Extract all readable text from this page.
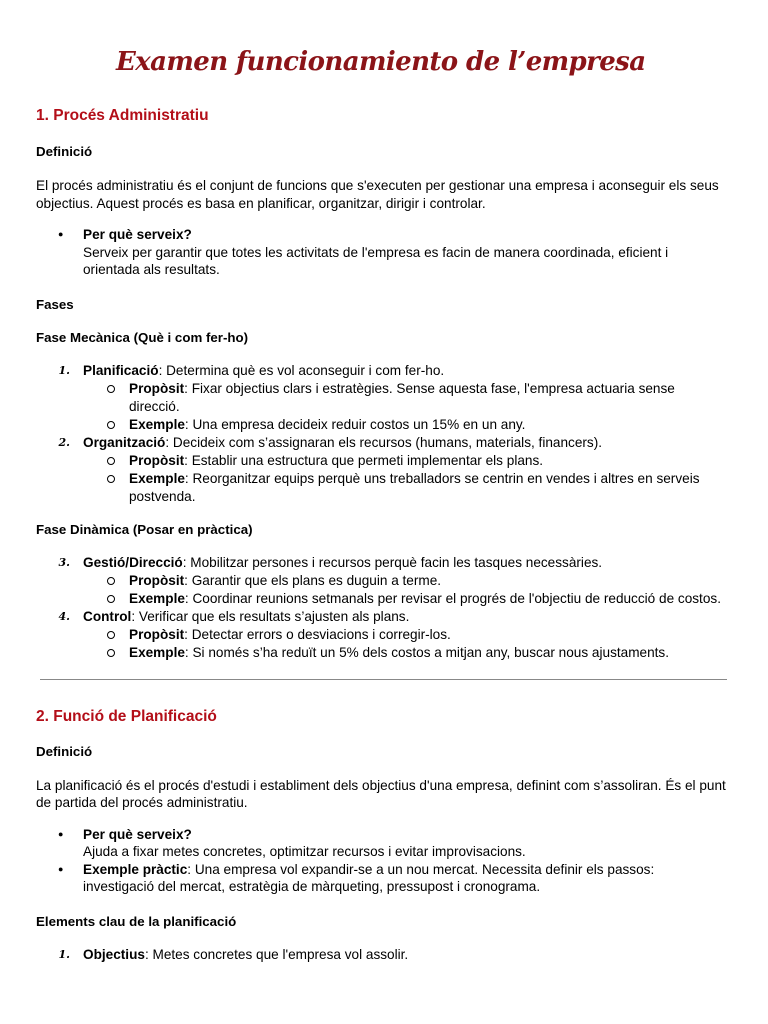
Examen funcionamiento de l’empresa
1. Procés Administratiu
Definició

El procés administratiu és el conjunt de funcions que s'executen per gestionar una empresa i aconseguir els seus objectius. Aquest procés es basa en planificar, organitzar, dirigir i controlar.

● Per què serveix?
Serveix per garantir que totes les activitats de l'empresa es facin de manera coordinada, eficient i orientada als resultats.
Fases
Fase Mecànica (Què i com fer-ho)
1. Planificació: Determina què es vol aconseguir i com fer-ho.
Propòsit: Fixar objectius clars i estratègies. Sense aquesta fase, l'empresa actuaria sense direcció.
Exemple: Una empresa decideix reduir costos un 15% en un any.
2. Organització: Decideix com s’assignaran els recursos (humans, materials, financers).
Propòsit: Establir una estructura que permeti implementar els plans.
Exemple: Reorganitzar equips perquè uns treballadors se centrin en vendes i altres en serveis postvenda.
Fase Dinàmica (Posar en pràctica)
3. Gestió/Direcció: Mobilitzar persones i recursos perquè facin les tasques necessàries.
Propòsit: Garantir que els plans es duguin a terme.
Exemple: Coordinar reunions setmanals per revisar el progrés de l'objectiu de reducció de costos.
4. Control: Verificar que els resultats s’ajusten als plans.
Propòsit: Detectar errors o desviacions i corregir-los.
Exemple: Si només s’ha reduït un 5% dels costos a mitjan any, buscar nous ajustaments.
2. Funció de Planificació
Definició

La planificació és el procés d'estudi i establiment dels objectius d'una empresa, definint com s’assoliran. És el punt de partida del procés administratiu.

● Per què serveix?
Ajuda a fixar metes concretes, optimitzar recursos i evitar improvisacions.
● Exemple pràctic: Una empresa vol expandir-se a un nou mercat. Necessita definir els passos: investigació del mercat, estratègia de màrqueting, pressupost i cronograma.
Elements clau de la planificació
1. Objectius: Metes concretes que l'empresa vol assolir.
